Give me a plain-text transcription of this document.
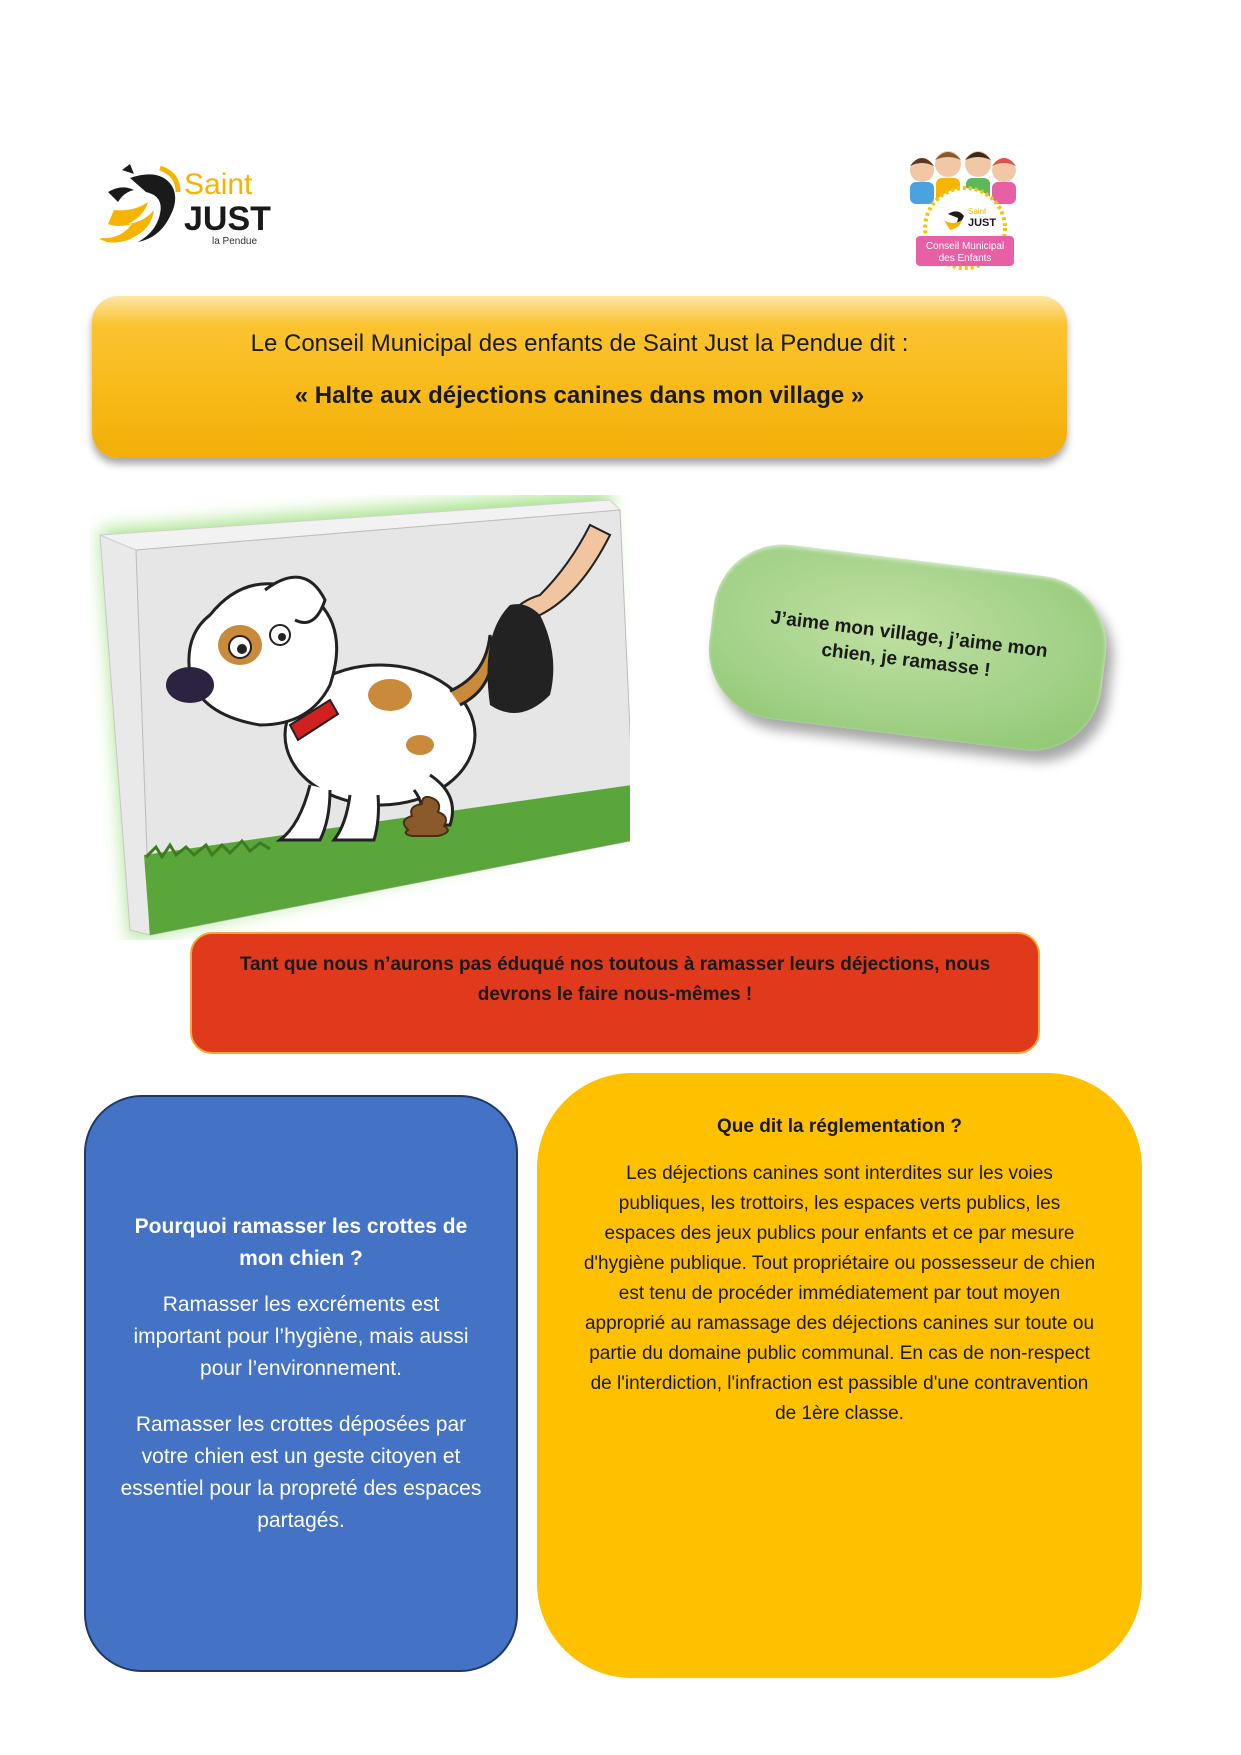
Saint
JUST
la Pendue
Saint
JUST
Conseil Municipal
des Enfants
Le Conseil Municipal des enfants de Saint Just la Pendue dit :
« Halte aux déjections canines dans mon village »
J’aime mon village, j’aime mon chien, je ramasse !
Tant que nous n’aurons pas éduqué nos toutous à ramasser leurs déjections, nous devrons le faire nous-mêmes !
Pourquoi ramasser les crottes de mon chien ?
Ramasser les excréments est important pour l’hygiène, mais aussi pour l’environnement.
Ramasser les crottes déposées par votre chien est un geste citoyen et essentiel pour la propreté des espaces partagés.
Que dit la réglementation ?
Les déjections canines sont interdites sur les voies publiques, les trottoirs, les espaces verts publics, les espaces des jeux publics pour enfants et ce par mesure d'hygiène publique. Tout propriétaire ou possesseur de chien est tenu de procéder immédiatement par tout moyen approprié au ramassage des déjections canines sur toute ou partie du domaine public communal. En cas de non-respect de l'interdiction, l'infraction est passible d'une contravention de 1ère classe.
